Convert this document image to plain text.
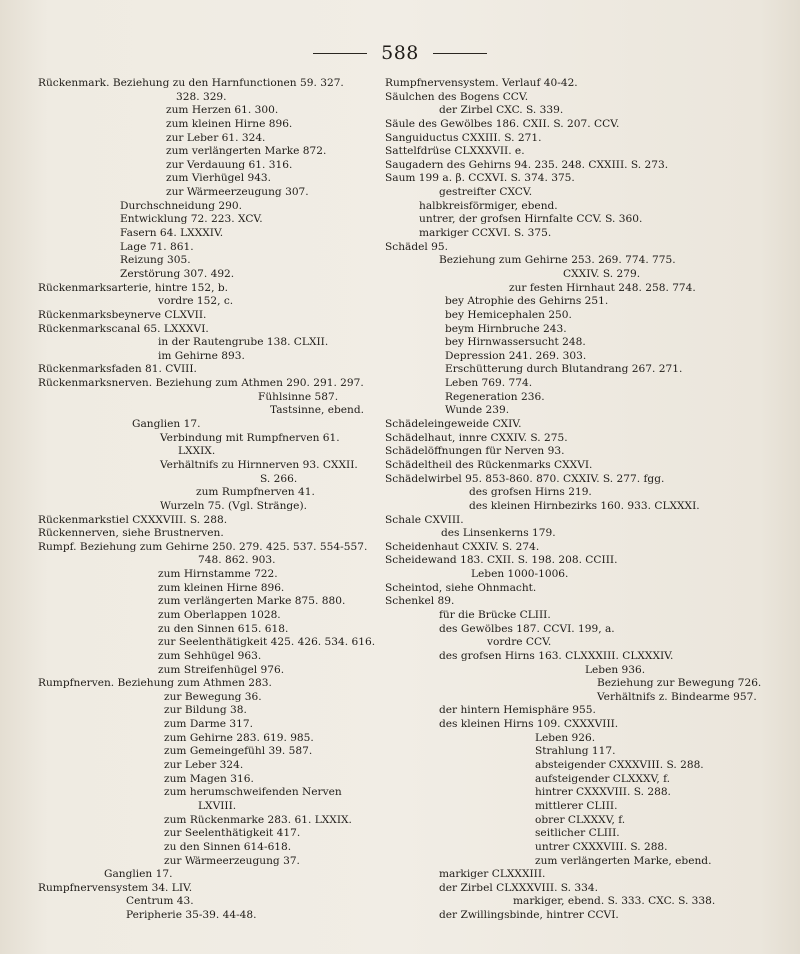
588
Rückenmark. Beziehung zu den Harnfunctionen 59. 327.
328. 329.
zum Herzen 61. 300.
zum kleinen Hirne 896.
zur Leber 61. 324.
zum verlängerten Marke 872.
zur Verdauung 61. 316.
zum Vierhügel 943.
zur Wärmeerzeugung 307.
Durchschneidung 290.
Entwicklung 72. 223. XCV.
Fasern 64. LXXXIV.
Lage 71. 861.
Reizung 305.
Zerstörung 307. 492.
Rückenmarksarterie, hintre 152, b.
vordre 152, c.
Rückenmarksbeynerve CLXVII.
Rückenmarkscanal 65. LXXXVI.
in der Rautengrube 138. CLXII.
im Gehirne 893.
Rückenmarksfaden 81. CVIII.
Rückenmarksnerven. Beziehung zum Athmen 290. 291. 297.
Fühlsinne 587.
Tastsinne, ebend.
Ganglien 17.
Verbindung mit Rumpfnerven 61.
LXXIX.
Verhältnifs zu Hirnnerven 93. CXXII.
S. 266.
zum Rumpfnerven 41.
Wurzeln 75. (Vgl. Stränge).
Rückenmarkstiel CXXXVIII. S. 288.
Rückennerven, siehe Brustnerven.
Rumpf. Beziehung zum Gehirne 250. 279. 425. 537. 554-557.
748. 862. 903.
zum Hirnstamme 722.
zum kleinen Hirne 896.
zum verlängerten Marke 875. 880.
zum Oberlappen 1028.
zu den Sinnen 615. 618.
zur Seelenthätigkeit 425. 426. 534. 616.
zum Sehhügel 963.
zum Streifenhügel 976.
Rumpfnerven. Beziehung zum Athmen 283.
zur Bewegung 36.
zur Bildung 38.
zum Darme 317.
zum Gehirne 283. 619. 985.
zum Gemeingefühl 39. 587.
zur Leber 324.
zum Magen 316.
zum herumschweifenden Nerven
LXVIII.
zum Rückenmarke 283. 61. LXXIX.
zur Seelenthätigkeit 417.
zu den Sinnen 614-618.
zur Wärmeerzeugung 37.
Ganglien 17.
Rumpfnervensystem 34. LIV.
Centrum 43.
Peripherie 35-39. 44-48.
Rumpfnervensystem. Verlauf 40-42.
Säulchen des Bogens CCV.
der Zirbel CXC. S. 339.
Säule des Gewölbes 186. CXII. S. 207. CCV.
Sanguiductus CXXIII. S. 271.
Sattelfdrüse CLXXXVII. e.
Saugadern des Gehirns 94. 235. 248. CXXIII. S. 273.
Saum 199 a. β. CCXVI. S. 374. 375.
gestreifter CXCV.
halbkreisförmiger, ebend.
untrer, der grofsen Hirnfalte CCV. S. 360.
markiger CCXVI. S. 375.
Schädel 95.
Beziehung zum Gehirne 253. 269. 774. 775.
CXXIV. S. 279.
zur festen Hirnhaut 248. 258. 774.
bey Atrophie des Gehirns 251.
bey Hemicephalen 250.
beym Hirnbruche 243.
bey Hirnwassersucht 248.
Depression 241. 269. 303.
Erschütterung durch Blutandrang 267. 271.
Leben 769. 774.
Regeneration 236.
Wunde 239.
Schädeleingeweide CXIV.
Schädelhaut, innre CXXIV. S. 275.
Schädelöffnungen für Nerven 93.
Schädeltheil des Rückenmarks CXXVI.
Schädelwirbel 95. 853-860. 870. CXXIV. S. 277. fgg.
des grofsen Hirns 219.
des kleinen Hirnbezirks 160. 933. CLXXXI.
Schale CXVIII.
des Linsenkerns 179.
Scheidenhaut CXXIV. S. 274.
Scheidewand 183. CXII. S. 198. 208. CCIII.
Leben 1000-1006.
Scheintod, siehe Ohnmacht.
Schenkel 89.
für die Brücke CLIII.
des Gewölbes 187. CCVI. 199, a.
vordre CCV.
des grofsen Hirns 163. CLXXXIII. CLXXXIV.
Leben 936.
Beziehung zur Bewegung 726.
Verhältnifs z. Bindearme 957.
der hintern Hemisphäre 955.
des kleinen Hirns 109. CXXXVIII.
Leben 926.
Strahlung 117.
absteigender CXXXVIII. S. 288.
aufsteigender CLXXXV, f.
hintrer CXXXVIII. S. 288.
mittlerer CLIII.
obrer CLXXXV, f.
seitlicher CLIII.
untrer CXXXVIII. S. 288.
zum verlängerten Marke, ebend.
markiger CLXXXIII.
der Zirbel CLXXXVIII. S. 334.
markiger, ebend. S. 333. CXC. S. 338.
der Zwillingsbinde, hintrer CCVI.
